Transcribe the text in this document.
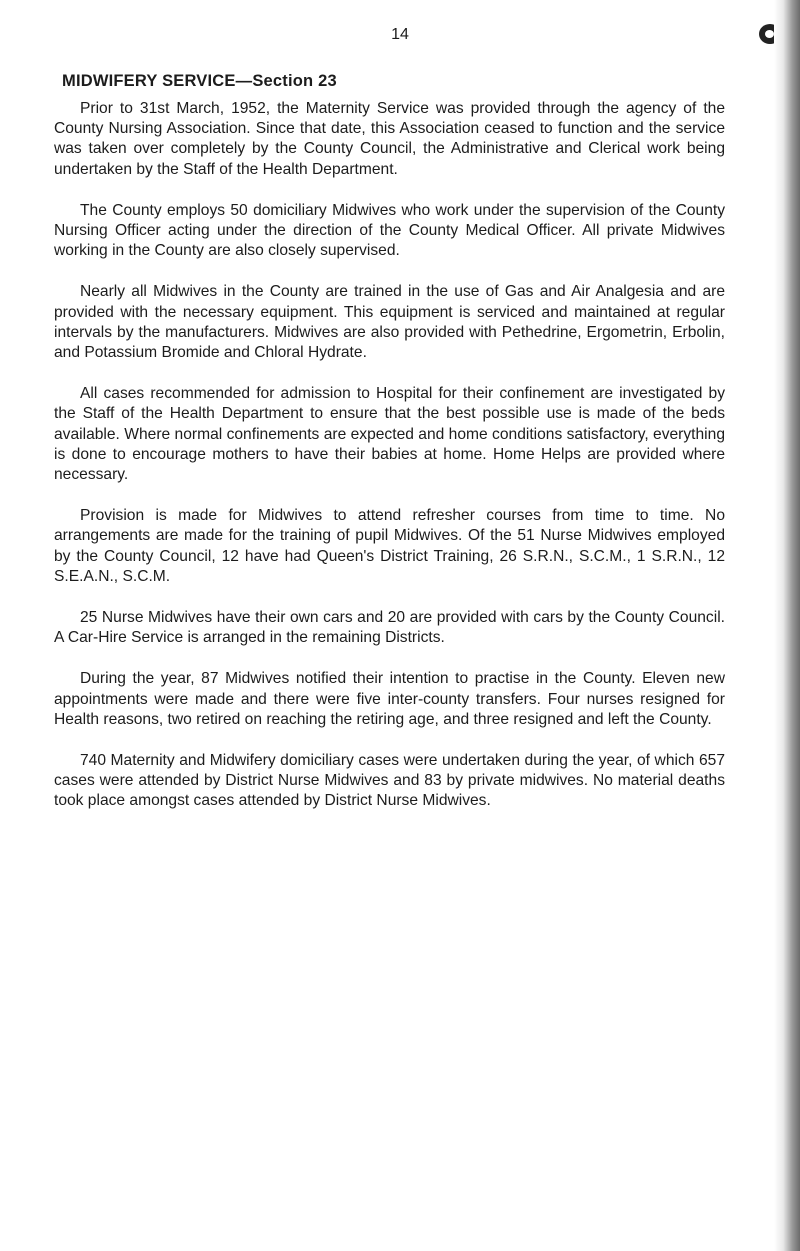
14
MIDWIFERY SERVICE—Section 23

Prior to 31st March, 1952, the Maternity Service was provided through the agency of the County Nursing Association. Since that date, this Association ceased to function and the service was taken over completely by the County Council, the Administrative and Clerical work being undertaken by the Staff of the Health Department.

The County employs 50 domiciliary Midwives who work under the supervision of the County Nursing Officer acting under the direction of the County Medical Officer. All private Midwives working in the County are also closely supervised.

Nearly all Midwives in the County are trained in the use of Gas and Air Analgesia and are provided with the necessary equipment. This equipment is serviced and maintained at regular intervals by the manufacturers. Midwives are also provided with Pethedrine, Ergometrin, Erbolin, and Potassium Bromide and Chloral Hydrate.

All cases recommended for admission to Hospital for their confinement are investigated by the Staff of the Health Department to ensure that the best possible use is made of the beds available. Where normal confinements are expected and home conditions satisfactory, everything is done to encourage mothers to have their babies at home. Home Helps are provided where necessary.

Provision is made for Midwives to attend refresher courses from time to time. No arrangements are made for the training of pupil Midwives. Of the 51 Nurse Midwives employed by the County Council, 12 have had Queen's District Training, 26 S.R.N., S.C.M., 1 S.R.N., 12 S.E.A.N., S.C.M.

25 Nurse Midwives have their own cars and 20 are provided with cars by the County Council. A Car-Hire Service is arranged in the remaining Districts.

During the year, 87 Midwives notified their intention to practise in the County. Eleven new appointments were made and there were five inter-county transfers. Four nurses resigned for Health reasons, two retired on reaching the retiring age, and three resigned and left the County.

740 Maternity and Midwifery domiciliary cases were undertaken during the year, of which 657 cases were attended by District Nurse Midwives and 83 by private midwives. No material deaths took place amongst cases attended by District Nurse Midwives.
